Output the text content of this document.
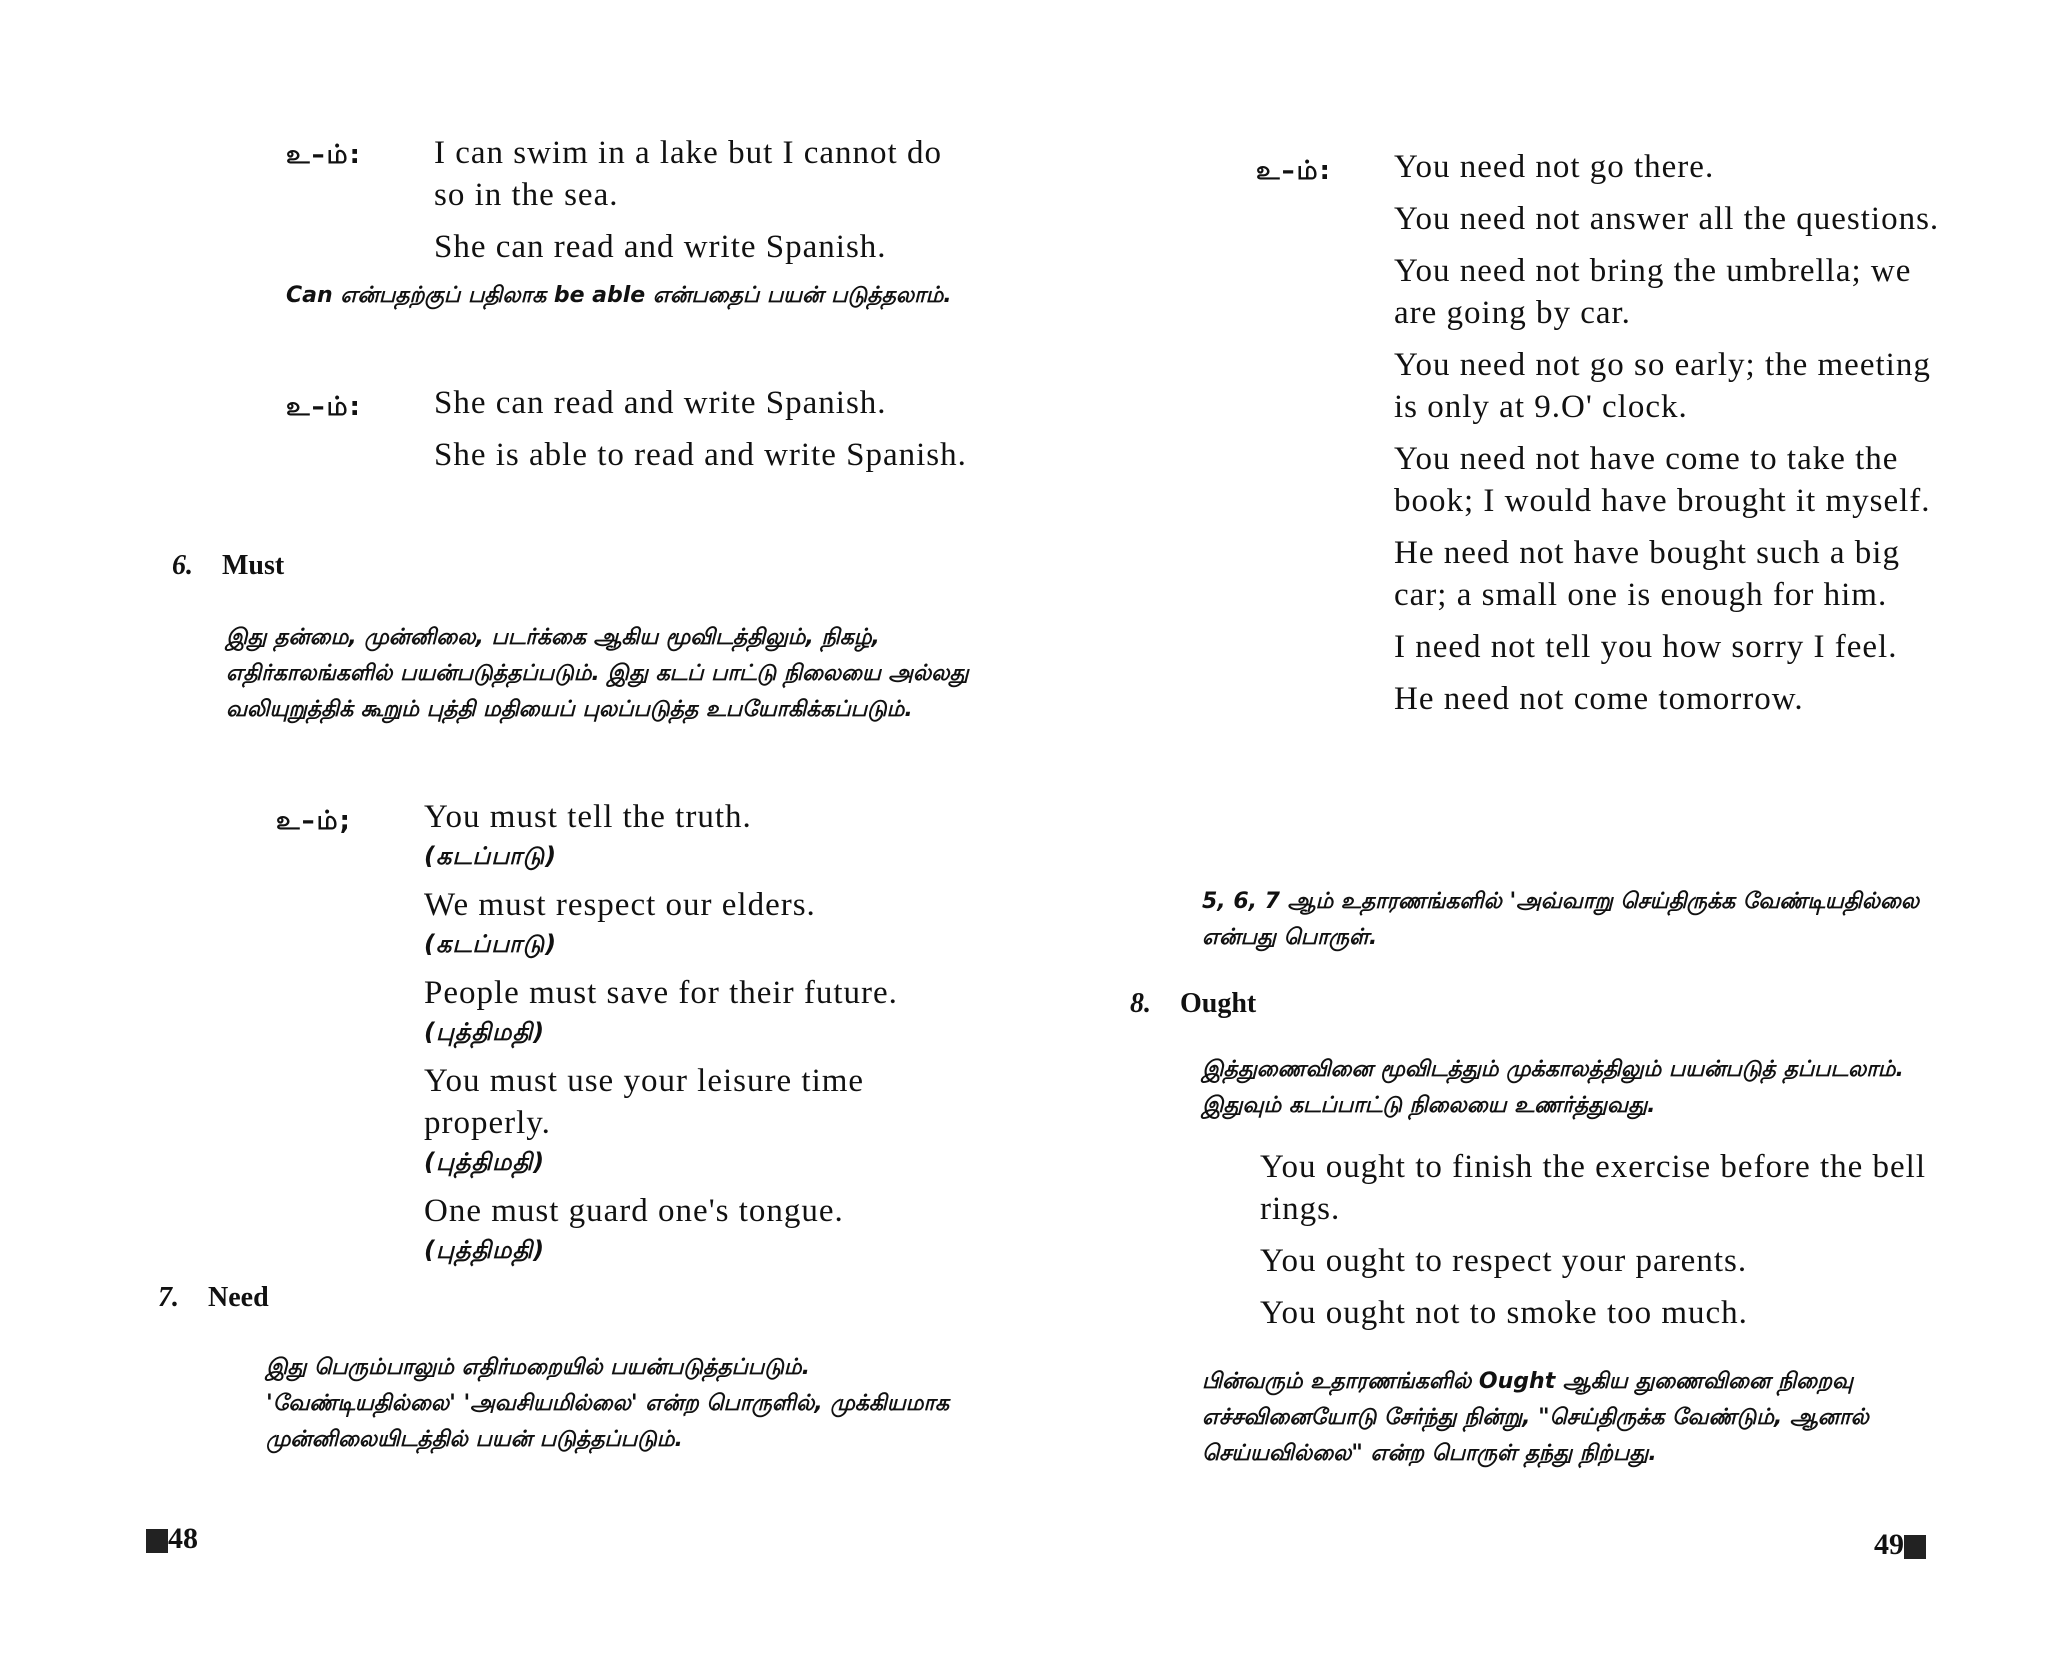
உ–ம்: I can swim in a lake but I cannot do so in the sea.

She can read and write Spanish.

Can என்பதற்குப் பதிலாக be able என்பதைப் பயன் படுத்தலாம்.
உ–ம்: She can read and write Spanish.

She is able to read and write Spanish.

6. Must
இது தன்மை, முன்னிலை, படர்க்கை ஆகிய மூவிடத்திலும், நிகழ், எதிர்காலங்களில் பயன்படுத்தப்படும். இது கடப் பாட்டு நிலையை அல்லது வலியுறுத்திக் கூறும் புத்தி மதியைப் புலப்படுத்த உபயோகிக்கப்படும்.
உ–ம்; You must tell the truth.
(கடப்பாடு)

We must respect our elders.
(கடப்பாடு)

People must save for their future.
(புத்திமதி)

You must use your leisure time properly.
(புத்திமதி)

One must guard one's tongue.
(புத்திமதி)

7. Need
இது பெரும்பாலும் எதிர்மறையில் பயன்படுத்தப்படும். 'வேண்டியதில்லை' 'அவசியமில்லை' என்ற பொருளில், முக்கியமாக முன்னிலையிடத்தில் பயன் படுத்தப்படும்.
48
உ–ம்: You need not go there.

You need not answer all the questions.

You need not bring the umbrella; we are going by car.

You need not go so early; the meeting is only at 9.O' clock.

You need not have come to take the book; I would have brought it myself.

He need not have bought such a big car; a small one is enough for him.

I need not tell you how sorry I feel.

He need not come tomorrow.

5, 6, 7 ஆம் உதாரணங்களில் 'அவ்வாறு செய்திருக்க வேண்டியதில்லை என்பது பொருள்.
8. Ought
இத்துணைவினை மூவிடத்தும் முக்காலத்திலும் பயன்படுத் தப்படலாம். இதுவும் கடப்பாட்டு நிலையை உணர்த்துவது.

You ought to finish the exercise before the bell rings.

You ought to respect your parents.

You ought not to smoke too much.

பின்வரும் உதாரணங்களில் Ought ஆகிய துணைவினை நிறைவு எச்சவினையோடு சேர்ந்து நின்று, "செய்திருக்க வேண்டும், ஆனால் செய்யவில்லை" என்ற பொருள் தந்து நிற்பது.
49
